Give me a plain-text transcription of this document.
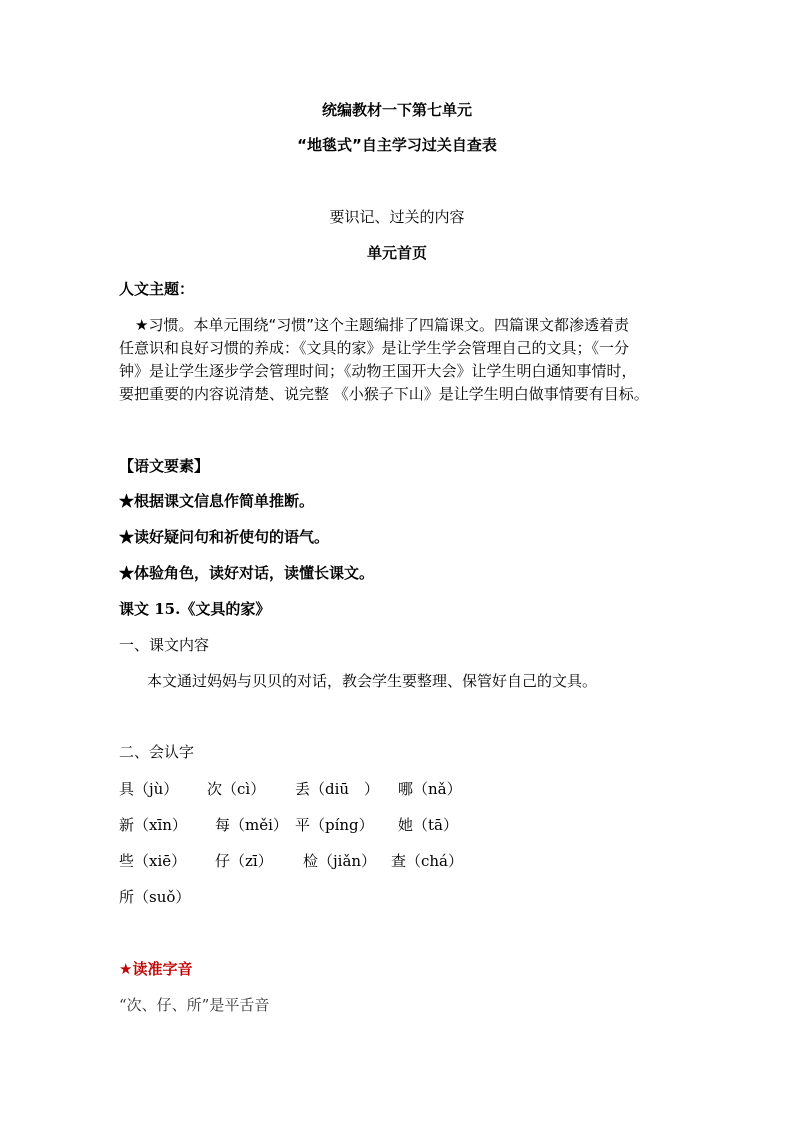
统编教材一下第七单元
“地毯式”自主学习过关自查表
要识记、过关的内容
单元首页
人文主题：
★习惯。本单元围绕“习惯”这个主题编排了四篇课文。四篇课文都渗透着责
任意识和良好习惯的养成：《文具的家》是让学生学会管理自己的文具；《一分
钟》是让学生逐步学会管理时间；《动物王国开大会》让学生明白通知事情时，
要把重要的内容说清楚、说完整 《小猴子下山》是让学生明白做事情要有目标。
【语文要素】
★根据课文信息作简单推断。
★读好疑问句和祈使句的语气。
★体验角色，读好对话，读懂长课文。
课文 15.《文具的家》
一、课文内容
本文通过妈妈与贝贝的对话，教会学生要整理、保管好自己的文具。
二、会认字
具（jù） 次（cì） 丢（diū　） 哪（nǎ）
新（xīn） 每（měi） 平（píng） 她（tā）
些（xiē） 仔（zī） 检（jiǎn） 查（chá）
所（suǒ）
★读准字音
“次、仔、所”是平舌音
